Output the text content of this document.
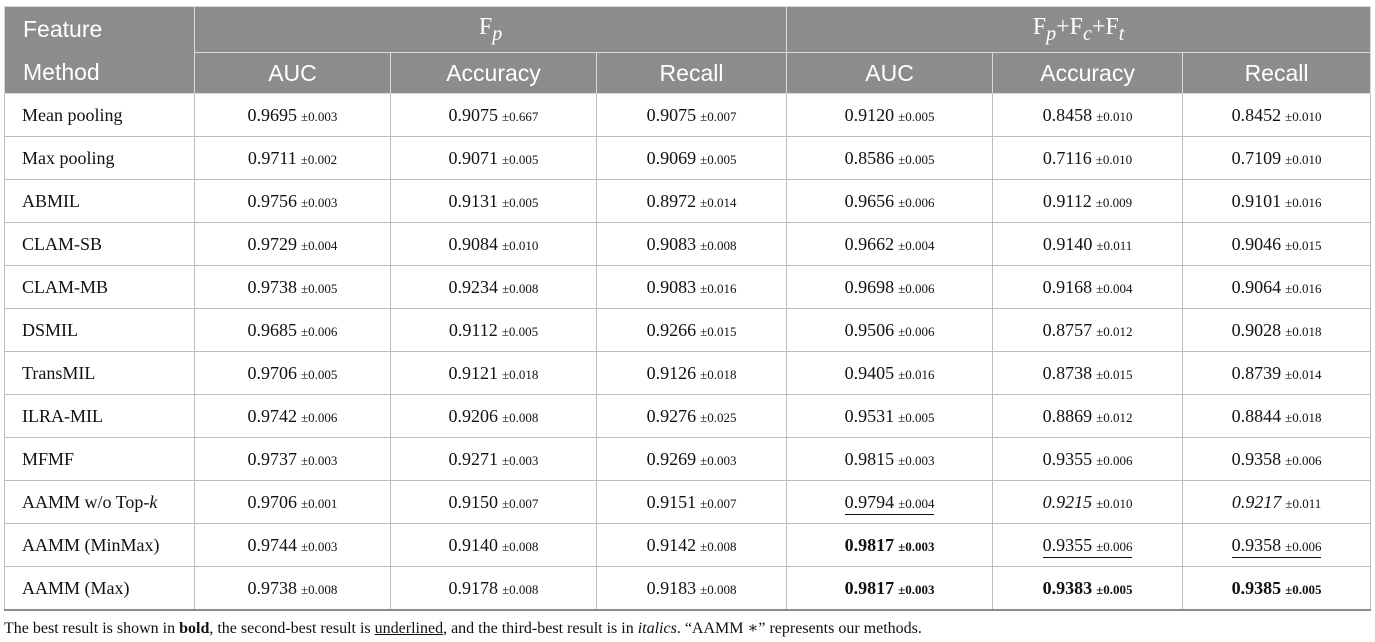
Feature	$F_p$			$F_p+F_c+F_t$
Method	AUC	Accuracy	Recall	AUC	Accuracy	Recall
Mean pooling	0.9695 ±0.003	0.9075 ±0.667	0.9075 ±0.007	0.9120 ±0.005	0.8458 ±0.010	0.8452 ±0.010
Max pooling	0.9711 ±0.002	0.9071 ±0.005	0.9069 ±0.005	0.8586 ±0.005	0.7116 ±0.010	0.7109 ±0.010
ABMIL	0.9756 ±0.003	0.9131 ±0.005	0.8972 ±0.014	0.9656 ±0.006	0.9112 ±0.009	0.9101 ±0.016
CLAM-SB	0.9729 ±0.004	0.9084 ±0.010	0.9083 ±0.008	0.9662 ±0.004	0.9140 ±0.011	0.9046 ±0.015
CLAM-MB	0.9738 ±0.005	0.9234 ±0.008	0.9083 ±0.016	0.9698 ±0.006	0.9168 ±0.004	0.9064 ±0.016
DSMIL	0.9685 ±0.006	0.9112 ±0.005	0.9266 ±0.015	0.9506 ±0.006	0.8757 ±0.012	0.9028 ±0.018
TransMIL	0.9706 ±0.005	0.9121 ±0.018	0.9126 ±0.018	0.9405 ±0.016	0.8738 ±0.015	0.8739 ±0.014
ILRA-MIL	0.9742 ±0.006	0.9206 ±0.008	0.9276 ±0.025	0.9531 ±0.005	0.8869 ±0.012	0.8844 ±0.018
MFMF	0.9737 ±0.003	0.9271 ±0.003	0.9269 ±0.003	0.9815 ±0.003	0.9355 ±0.006	0.9358 ±0.006
AAMM w/o Top-k	0.9706 ±0.001	0.9150 ±0.007	0.9151 ±0.007	0.9794 ±0.004	0.9215 ±0.010	0.9217 ±0.011
AAMM (MinMax)	0.9744 ±0.003	0.9140 ±0.008	0.9142 ±0.008	0.9817 ±0.003	0.9355 ±0.006	0.9358 ±0.006
AAMM (Max)	0.9738 ±0.008	0.9178 ±0.008	0.9183 ±0.008	0.9817 ±0.003	0.9383 ±0.005	0.9385 ±0.005
The best result is shown in bold, the second-best result is underlined, and the third-best result is in italics. “AAMM ∗” represents our methods.
